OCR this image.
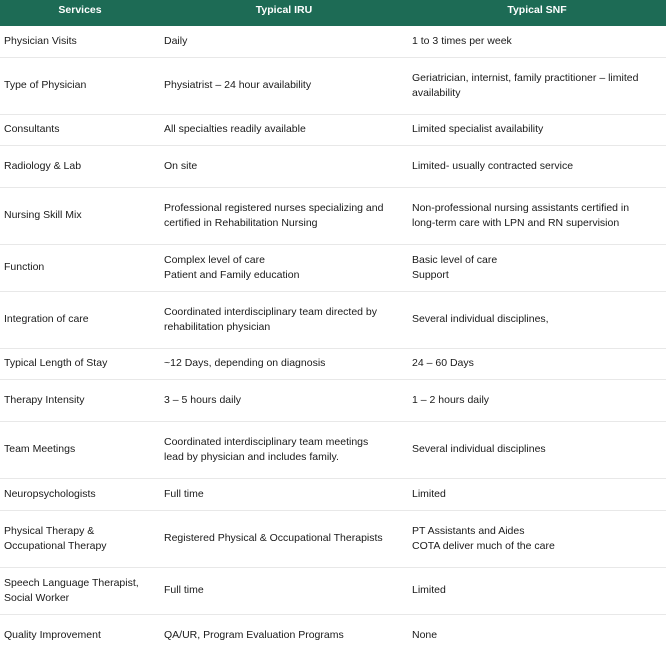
Services	Typical IRU	Typical SNF

Physician Visits	Daily	1 to 3 times per week

Type of Physician	Physiatrist – 24 hour availability	Geriatrician, internist, family practitioner – limited
availability

Consultants	All specialties readily available	Limited specialist availability

Radiology & Lab	On site	Limited- usually contracted service

Nursing Skill Mix	Professional registered nurses specializing and
certified in Rehabilitation Nursing	Non-professional nursing assistants certified in
long-term care with LPN and RN supervision

Function	Complex level of care
Patient and Family education	Basic level of care
Support

Integration of care	Coordinated interdisciplinary team directed by
rehabilitation physician	Several individual disciplines,

Typical Length of Stay	~12 Days, depending on diagnosis	24 – 60 Days

Therapy Intensity	3 – 5 hours daily	1 – 2 hours daily

Team Meetings	Coordinated interdisciplinary team meetings
lead by physician and includes family.	Several individual disciplines

Neuropsychologists	Full time	Limited

Physical Therapy &
Occupational Therapy	Registered Physical & Occupational Therapists	PT Assistants and Aides
COTA deliver much of the care

Speech Language Therapist,
Social Worker	Full time	Limited

Quality Improvement	QA/UR, Program Evaluation Programs	None
